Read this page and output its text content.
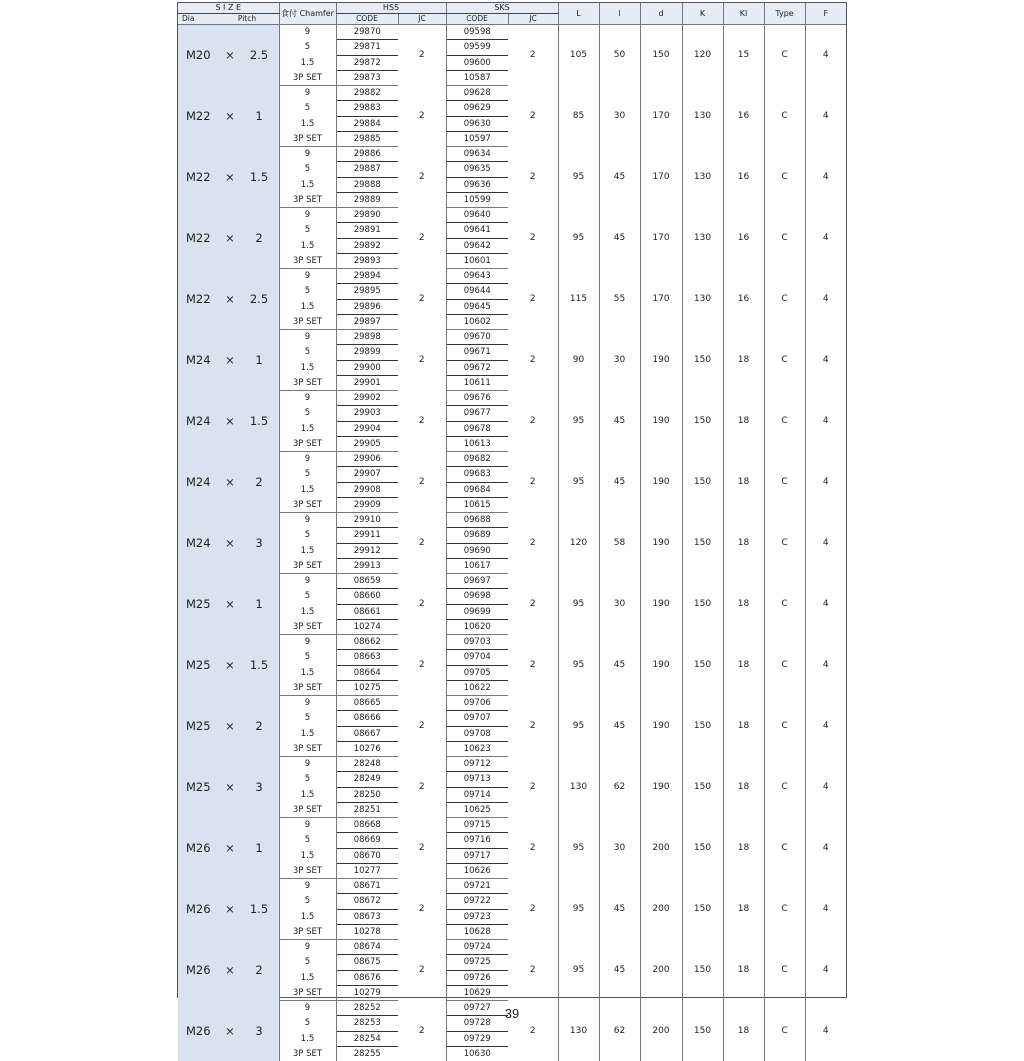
S I Z E	食付 Chamfer	HSS		SKS		L	l	d	K	Kl	Type	F
Dia Pitch		CODE	JC	CODE	JC							
M20 × 2.5	9	29870	2	09598	2	105	50	150	120	15	C	4
	5	29871		09599								
	1.5	29872		09600								
	3P SET	29873		10587								
M22 × 1	9	29882	2	09628	2	85	30	170	130	16	C	4
	5	29883		09629								
	1.5	29884		09630								
	3P SET	29885		10597								
M22 × 1.5	9	29886	2	09634	2	95	45	170	130	16	C	4
	5	29887		09635								
	1.5	29888		09636								
	3P SET	29889		10599								
M22 × 2	9	29890	2	09640	2	95	45	170	130	16	C	4
	5	29891		09641								
	1.5	29892		09642								
	3P SET	29893		10601								
M22 × 2.5	9	29894	2	09643	2	115	55	170	130	16	C	4
	5	29895		09644								
	1.5	29896		09645								
	3P SET	29897		10602								
M24 × 1	9	29898	2	09670	2	90	30	190	150	18	C	4
	5	29899		09671								
	1.5	29900		09672								
	3P SET	29901		10611								
M24 × 1.5	9	29902	2	09676	2	95	45	190	150	18	C	4
	5	29903		09677								
	1.5	29904		09678								
	3P SET	29905		10613								
M24 × 2	9	29906	2	09682	2	95	45	190	150	18	C	4
	5	29907		09683								
	1.5	29908		09684								
	3P SET	29909		10615								
M24 × 3	9	29910	2	09688	2	120	58	190	150	18	C	4
	5	29911		09689								
	1.5	29912		09690								
	3P SET	29913		10617								
M25 × 1	9	08659	2	09697	2	95	30	190	150	18	C	4
	5	08660		09698								
	1.5	08661		09699								
	3P SET	10274		10620								
M25 × 1.5	9	08662	2	09703	2	95	45	190	150	18	C	4
	5	08663		09704								
	1.5	08664		09705								
	3P SET	10275		10622								
M25 × 2	9	08665	2	09706	2	95	45	190	150	18	C	4
	5	08666		09707								
	1.5	08667		09708								
	3P SET	10276		10623								
M25 × 3	9	28248	2	09712	2	130	62	190	150	18	C	4
	5	28249		09713								
	1.5	28250		09714								
	3P SET	28251		10625								
M26 × 1	9	08668	2	09715	2	95	30	200	150	18	C	4
	5	08669		09716								
	1.5	08670		09717								
	3P SET	10277		10626								
M26 × 1.5	9	08671	2	09721	2	95	45	200	150	18	C	4
	5	08672		09722								
	1.5	08673		09723								
	3P SET	10278		10628								
M26 × 2	9	08674	2	09724	2	95	45	200	150	18	C	4
	5	08675		09725								
	1.5	08676		09726								
	3P SET	10279		10629								
M26 × 3	9	28252	2	09727	2	130	62	200	150	18	C	4
	5	28253		09728								
	1.5	28254		09729								
	3P SET	28255		10630								
39
